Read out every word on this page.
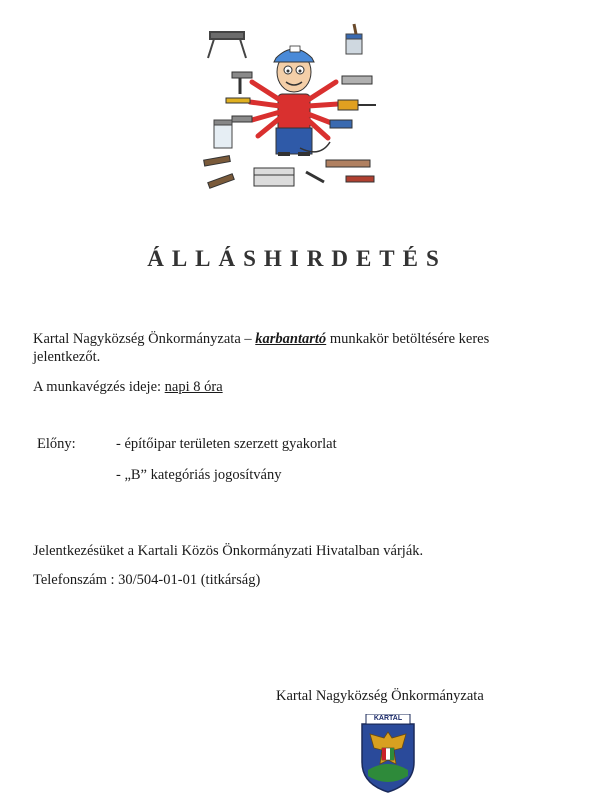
ÁLLÁSHIRDETÉS
Kartal Nagyközség Önkormányzata – karbantartó munkakör betöltésére keres jelentkezőt.
A munkavégzés ideje: napi 8 óra
Előny:	- építőipar területen szerzett gyakorlat
- „B” kategóriás jogosítvány
Jelentkezésüket a Kartali Közös Önkormányzati Hivatalban várják.
Telefonszám : 30/504-01-01 (titkárság)
Kartal Nagyközség Önkormányzata
KARTAL
